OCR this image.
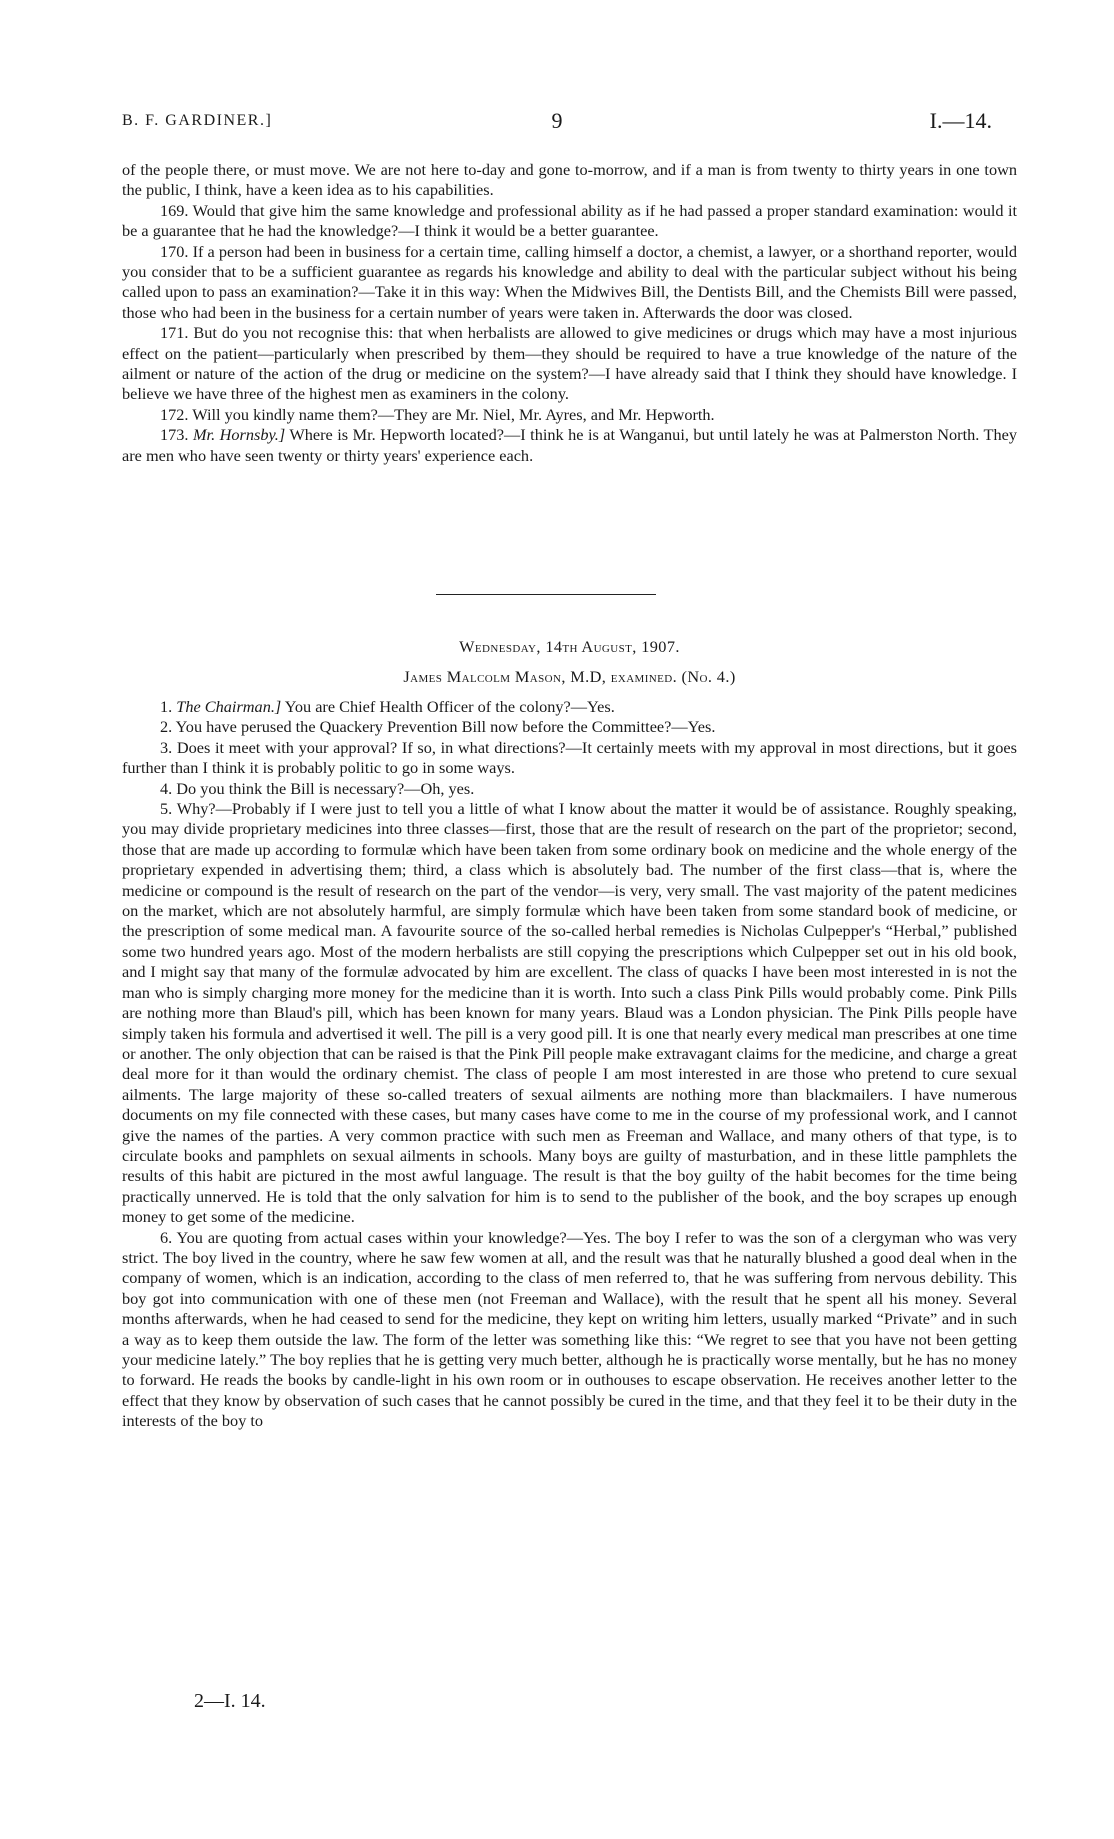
B. F. GARDINER.]	9	I.—14.

of the people there, or must move. We are not here to-day and gone to-morrow, and if a man is from twenty to thirty years in one town the public, I think, have a keen idea as to his capabilities.

169. Would that give him the same knowledge and professional ability as if he had passed a proper standard examination: would it be a guarantee that he had the knowledge?—I think it would be a better guarantee.

170. If a person had been in business for a certain time, calling himself a doctor, a chemist, a lawyer, or a shorthand reporter, would you consider that to be a sufficient guarantee as regards his knowledge and ability to deal with the particular subject without his being called upon to pass an examination?—Take it in this way: When the Midwives Bill, the Dentists Bill, and the Chemists Bill were passed, those who had been in the business for a certain number of years were taken in. Afterwards the door was closed.

171. But do you not recognise this: that when herbalists are allowed to give medicines or drugs which may have a most injurious effect on the patient—particularly when prescribed by them—they should be required to have a true knowledge of the nature of the ailment or nature of the action of the drug or medicine on the system?—I have already said that I think they should have knowledge. I believe we have three of the highest men as examiners in the colony.

172. Will you kindly name them?—They are Mr. Niel, Mr. Ayres, and Mr. Hepworth.

173. Mr. Hornsby.] Where is Mr. Hepworth located?—I think he is at Wanganui, but until lately he was at Palmerston North. They are men who have seen twenty or thirty years' experience each.

Wednesday, 14th August, 1907.
James Malcolm Mason, M.D, examined. (No. 4.)

1. The Chairman.] You are Chief Health Officer of the colony?—Yes.

2. You have perused the Quackery Prevention Bill now before the Committee?—Yes.

3. Does it meet with your approval? If so, in what directions?—It certainly meets with my approval in most directions, but it goes further than I think it is probably politic to go in some ways.

4. Do you think the Bill is necessary?—Oh, yes.

5. Why?—Probably if I were just to tell you a little of what I know about the matter it would be of assistance. Roughly speaking, you may divide proprietary medicines into three classes—first, those that are the result of research on the part of the proprietor; second, those that are made up according to formulæ which have been taken from some ordinary book on medicine and the whole energy of the proprietary expended in advertising them; third, a class which is absolutely bad. The number of the first class—that is, where the medicine or compound is the result of research on the part of the vendor—is very, very small. The vast majority of the patent medicines on the market, which are not absolutely harmful, are simply formulæ which have been taken from some standard book of medicine, or the prescription of some medical man. A favourite source of the so-called herbal remedies is Nicholas Culpepper's “Herbal,” published some two hundred years ago. Most of the modern herbalists are still copying the prescriptions which Culpepper set out in his old book, and I might say that many of the formulæ advocated by him are excellent. The class of quacks I have been most interested in is not the man who is simply charging more money for the medicine than it is worth. Into such a class Pink Pills would probably come. Pink Pills are nothing more than Blaud's pill, which has been known for many years. Blaud was a London physician. The Pink Pills people have simply taken his formula and advertised it well. The pill is a very good pill. It is one that nearly every medical man prescribes at one time or another. The only objection that can be raised is that the Pink Pill people make extravagant claims for the medicine, and charge a great deal more for it than would the ordinary chemist. The class of people I am most interested in are those who pretend to cure sexual ailments. The large majority of these so-called treaters of sexual ailments are nothing more than blackmailers. I have numerous documents on my file connected with these cases, but many cases have come to me in the course of my professional work, and I cannot give the names of the parties. A very common practice with such men as Freeman and Wallace, and many others of that type, is to circulate books and pamphlets on sexual ailments in schools. Many boys are guilty of masturbation, and in these little pamphlets the results of this habit are pictured in the most awful language. The result is that the boy guilty of the habit becomes for the time being practically unnerved. He is told that the only salvation for him is to send to the publisher of the book, and the boy scrapes up enough money to get some of the medicine.

6. You are quoting from actual cases within your knowledge?—Yes. The boy I refer to was the son of a clergyman who was very strict. The boy lived in the country, where he saw few women at all, and the result was that he naturally blushed a good deal when in the company of women, which is an indication, according to the class of men referred to, that he was suffering from nervous debility. This boy got into communication with one of these men (not Freeman and Wallace), with the result that he spent all his money. Several months afterwards, when he had ceased to send for the medicine, they kept on writing him letters, usually marked “Private” and in such a way as to keep them outside the law. The form of the letter was something like this: “We regret to see that you have not been getting your medicine lately.” The boy replies that he is getting very much better, although he is practically worse mentally, but he has no money to forward. He reads the books by candle-light in his own room or in outhouses to escape observation. He receives another letter to the effect that they know by observation of such cases that he cannot possibly be cured in the time, and that they feel it to be their duty in the interests of the boy to

2—I. 14.
